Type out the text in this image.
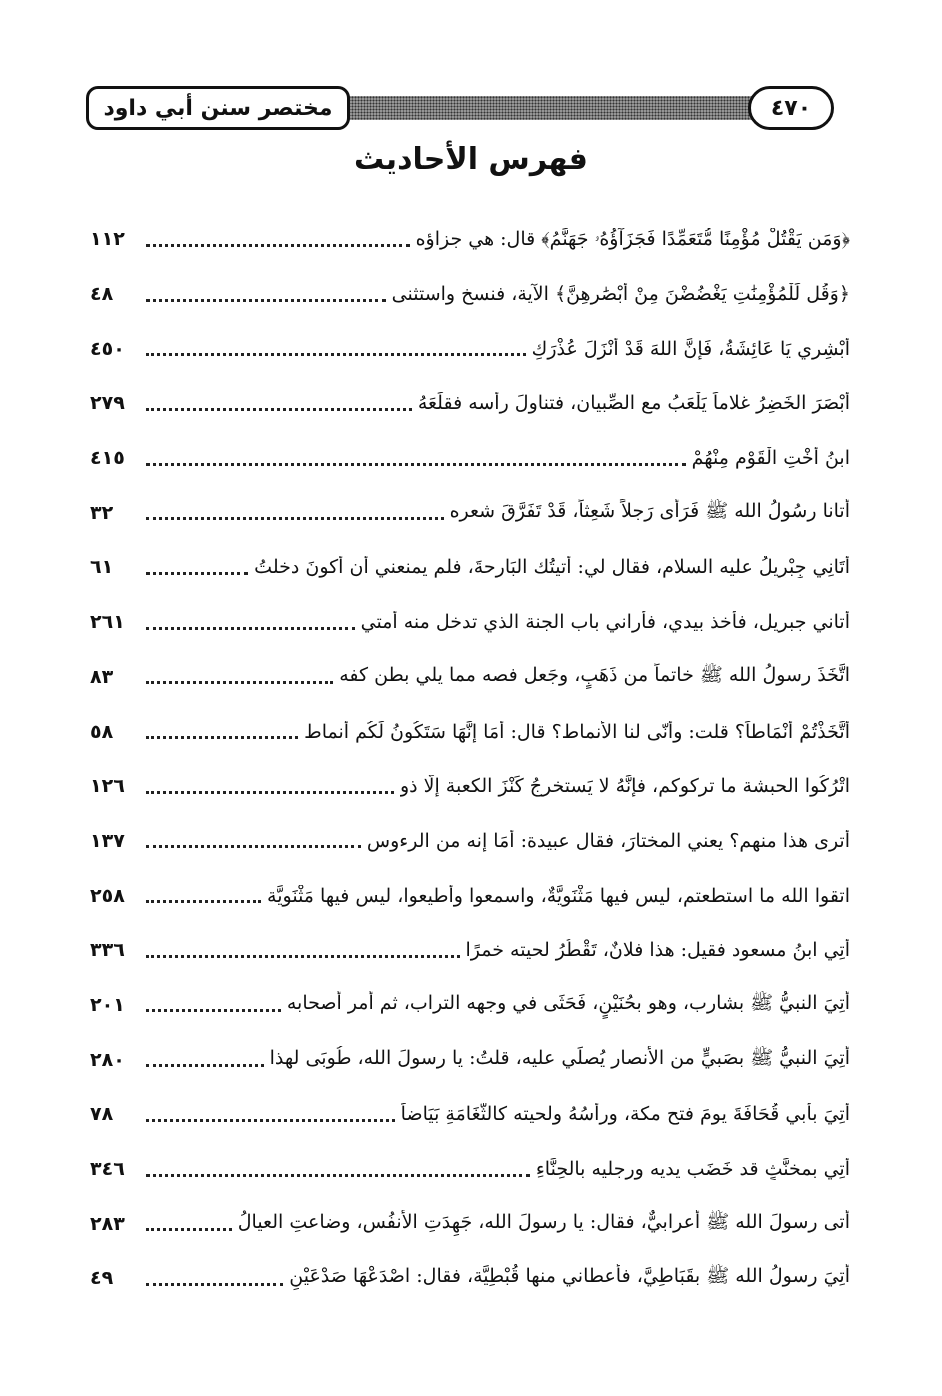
مختصر سنن أبي داود	٤٧٠
فهرس الأحاديث
﴿وَمَن يَقْتُلْ مُؤْمِنًا مُّتَعَمِّدًا فَجَزَآؤُهُۥ جَهَنَّمُ﴾ قال: هي جزاؤه
١١٢
﴿وَقُل لِّلْمُؤْمِنَٰتِ يَغْضُضْنَ مِنْ أَبْصَٰرِهِنَّ﴾ الآية، فنسخ واستثنى
٤٨
أَبْشِرِي يَا عَائِشَةُ، فَإِنَّ اللهَ قَدْ أَنْزَلَ عُذْرَكِ
٤٥٠
أَبْصَرَ الخَضِرُ غلاماً يَلْعَبُ مع الصِّبيان، فتناولَ رأسه فقلَعَهُ
٢٧٩
ابنُ أُخْتِ الْقَوْمِ مِنْهُمْ
٤١٥
أتانا رسُولُ الله ﷺ فَرَأَى رَجلاً شَعِثاً، قَدْ تَفَرَّقَ شعره
٣٢
أَتَانِي جِبْرِيلُ عليه السلام، فقال لي: أتيتُك البَارِحةَ، فلم يمنعني أن أكونَ دخلتُ
٦١
أتاني جبريل، فأخذ بيدي، فأراني باب الجنة الذي تدخل منه أمتي
٢٦١
اتَّخَذَ رسولُ الله ﷺ خاتماً من ذَهَبٍ، وجَعل فصه مما يلي بطن كفه
٨٣
أَتَّخَذْتُمْ أَنْمَاطاً؟ قلت: وأنّى لنا الأنماط؟ قال: أَمَا إِنَّهَا سَتَكُونُ لَكُم أَنماط
٥٨
اتْرُكُوا الحبشة ما تركوكم، فإنَّهُ لا يَستخرِجُ كَنْزَ الكعبة إِلَّا ذو
١٢٦
أترى هذا منهم؟ يعني المختارَ، فقال عبيدة: أَمَا إنه من الرءوس
١٣٧
اتقوا الله ما استطعتم، ليس فيها مَثْنَوِيَّةٌ، واسمعوا وأطيعوا، ليس فيها مَثْنَوِيَّة
٢٥٨
أُتِي ابنُ مسعود فقيل: هذا فلانٌ، تَقْطُرُ لحيته خمرًا
٣٣٦
أُتِيَ النبيُّ ﷺ بشارب، وهو بحُنَيْنٍ، فَحَثَى في وجهه التراب، ثم أمر أصحابه
٢٠١
أُتِيَ النبيُّ ﷺ بصَبيٍّ من الأنصار يُصلِّي عليه، قلتُ: يا رسولَ الله، طُوبَى لهذا
٢٨٠
أُتِيَ بأبي قُحَافَةَ يومَ فتح مكة، ورأسُهُ ولحيته كالثَّغَامَةِ بَيَاضاً
٧٨
أُتِي بمخنَّثٍ قد خَضَب يديه ورجليه بالحِنَّاءِ
٣٤٦
أتى رسولَ الله ﷺ أعرابيٌّ، فقال: يا رسولَ الله، جَهِدَتِ الأنفُس، وضاعتِ العيالُ
٢٨٣
أُتِيَ رسولُ الله ﷺ بقَبَاطِيَّ، فأعطاني منها قُبْطِيَّة، فقال: اصْدَعْهَا صَدْعَيْنِ
٤٩
